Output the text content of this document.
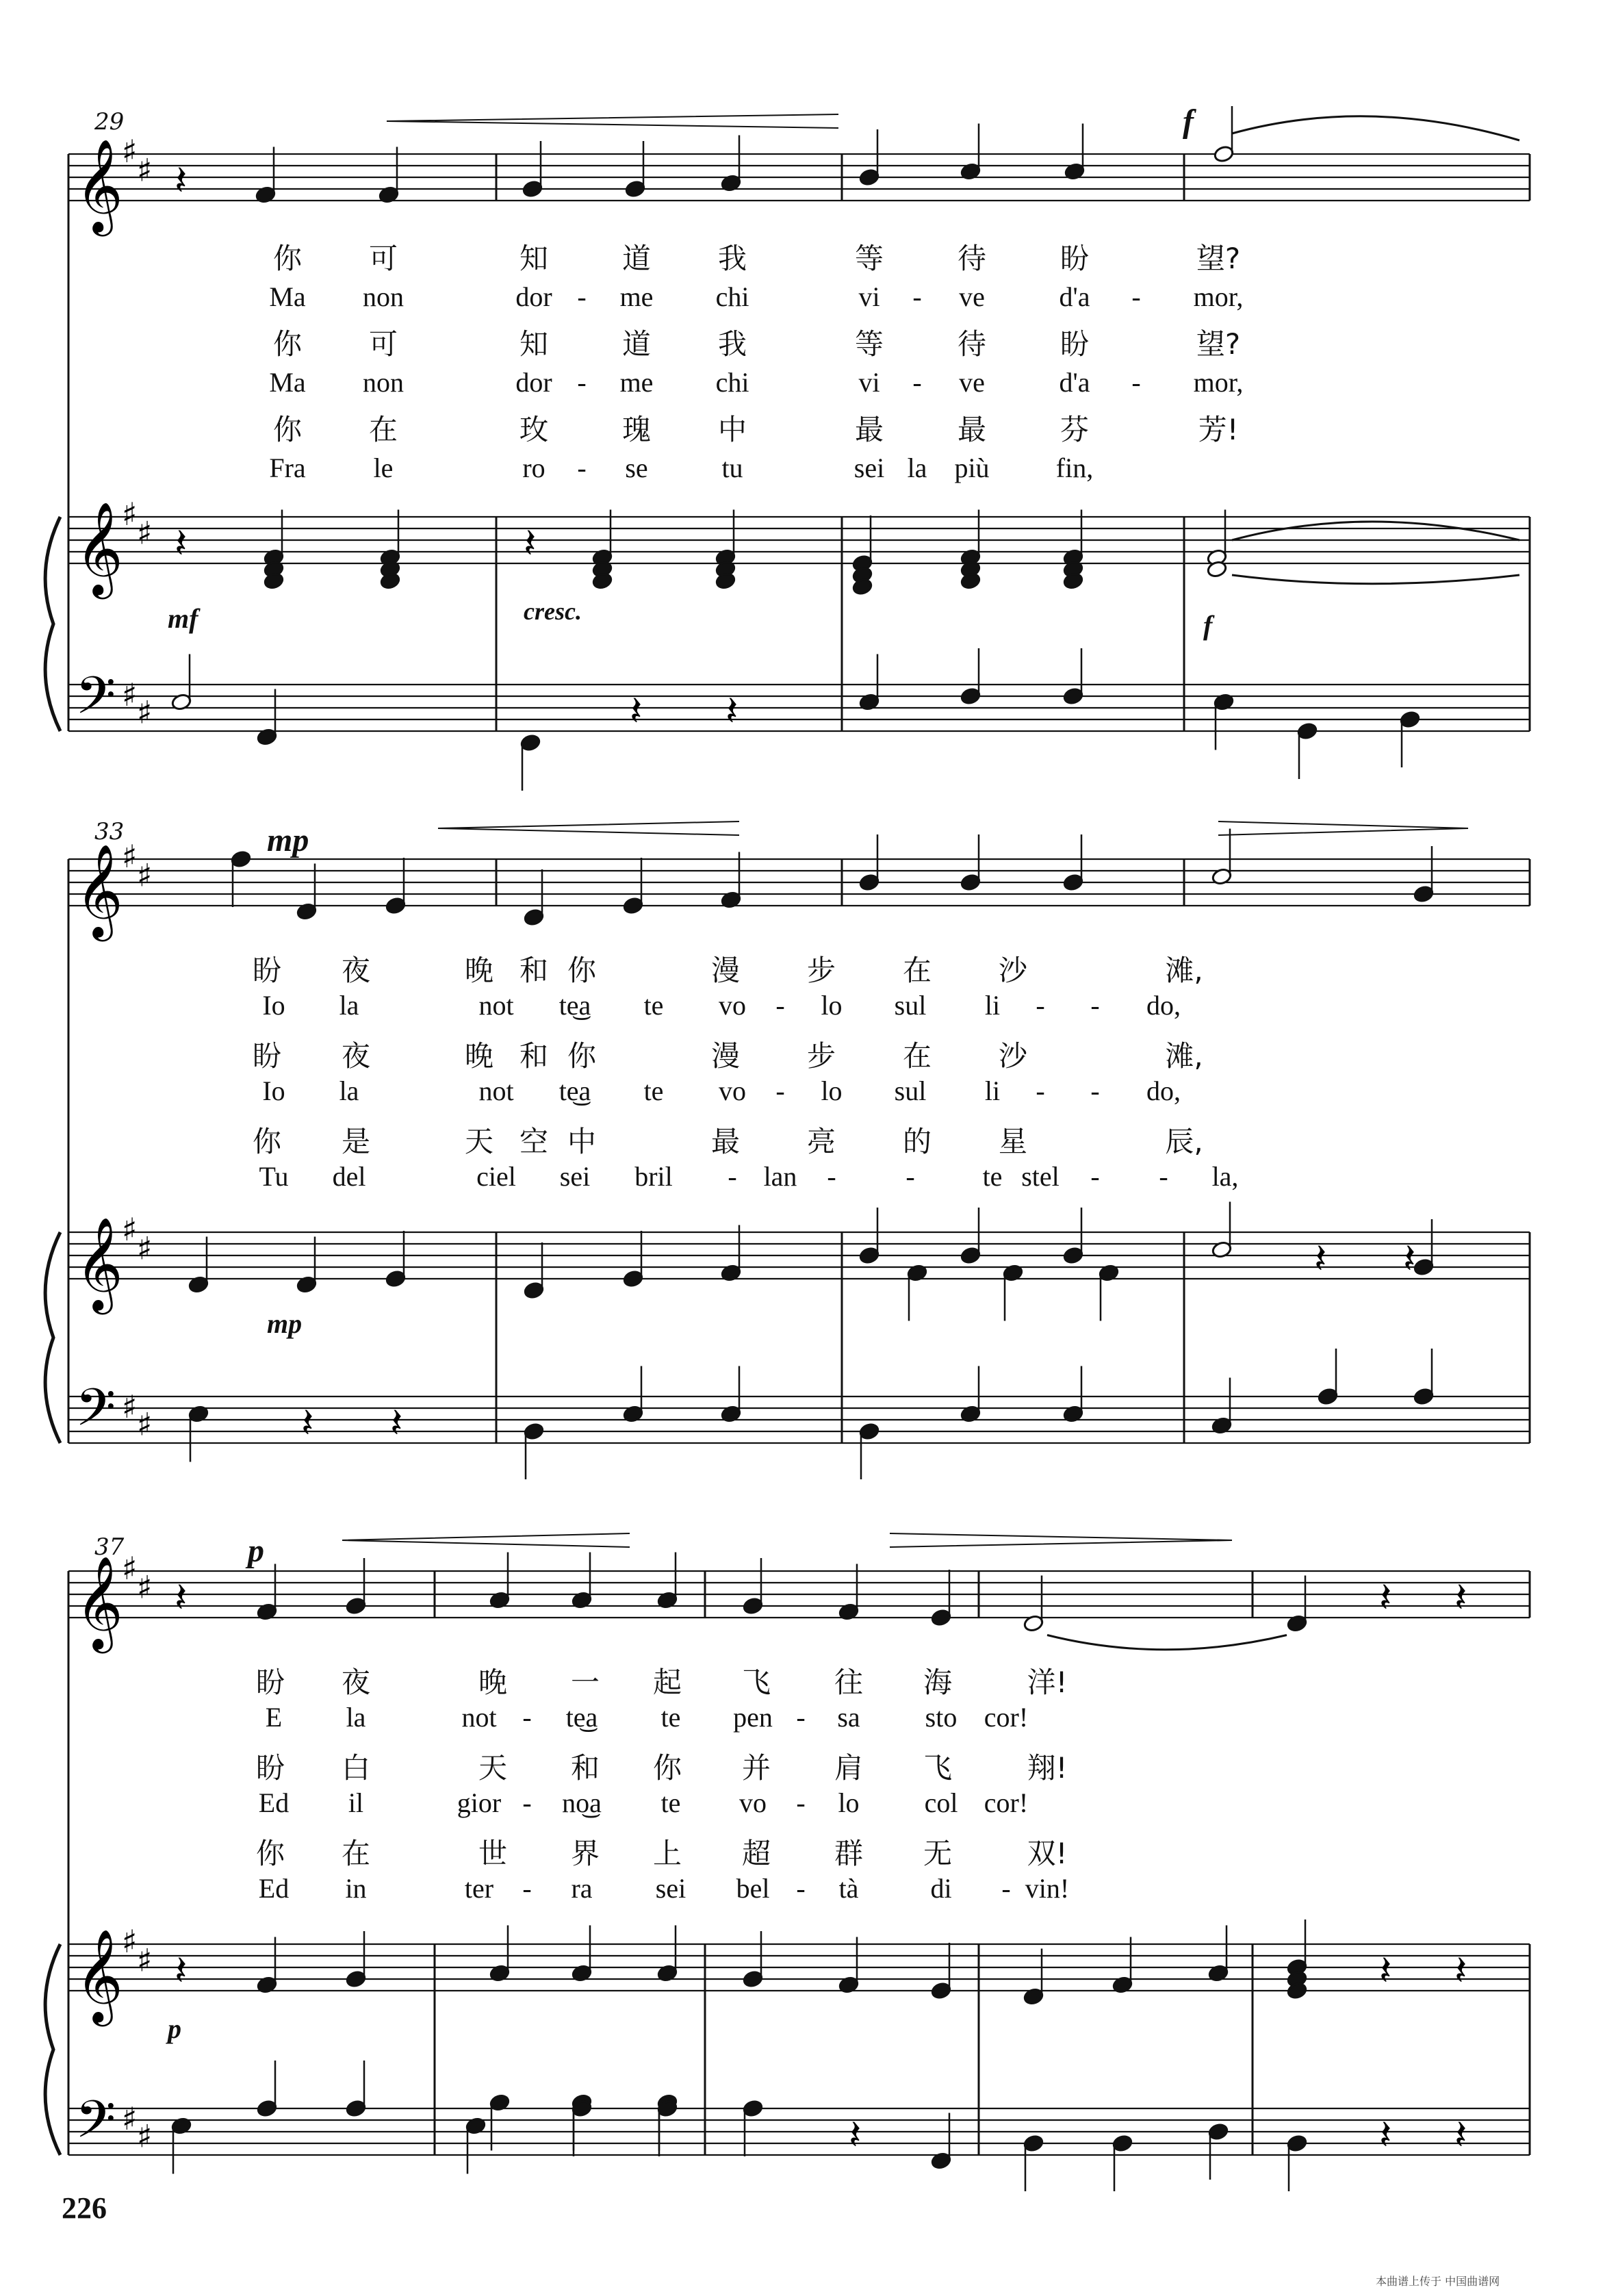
𝄞
♯
♯
𝄞
♯
♯
𝄢 ♯ ♯
𝄽
𝄽	𝄽
𝄽 𝄽
𝄞
♯
♯
𝄞
♯
♯
𝄢 ♯ ♯
𝄽 𝄽
𝄽 𝄽
𝄞
♯
♯
𝄞
♯
♯
𝄢 ♯ ♯
𝄽	𝄽 𝄽
𝄽	𝄽 𝄽
𝄽	𝄽 𝄽
29	f
mf	cresc.	f
33	mp
mp
37	p
p
226
本曲谱上传于 中国曲谱网
你 可	知	道 我	等	待	盼	望?
Ma non	dor - me chi	vi - ve	d'a - mor,
你 可	知	道 我	等	待	盼	望?
Ma non	dor - me chi	vi - ve	d'a - mor,
你 在	玫	瑰 中	最	最	芬	芳!
Fra le	ro - se	tu	sei la più fin,
盼 夜	晚 和 你	漫 步 在 沙	滩,
Io la	not te͜a te vo - lo sul li - - do,
盼 夜	晚 和 你	漫 步 在 沙	滩,
Io la	not te͜a te vo - lo sul li - - do,
你 是	天 空 中	最 亮 的 星	辰,
Tu del	ciel sei bril - lan -	- te stel - - la,
盼 夜	晚 一 起 飞 往 海	洋!
E la	not - te͜a te pen - sa sto cor!
盼 白	天 和 你 并 肩 飞	翔!
Ed il	gior - no͜a te vo - lo col cor!
你 在	世 界 上 超 群 无	双!
Ed in	ter - ra sei bel - tà	di - vin!
